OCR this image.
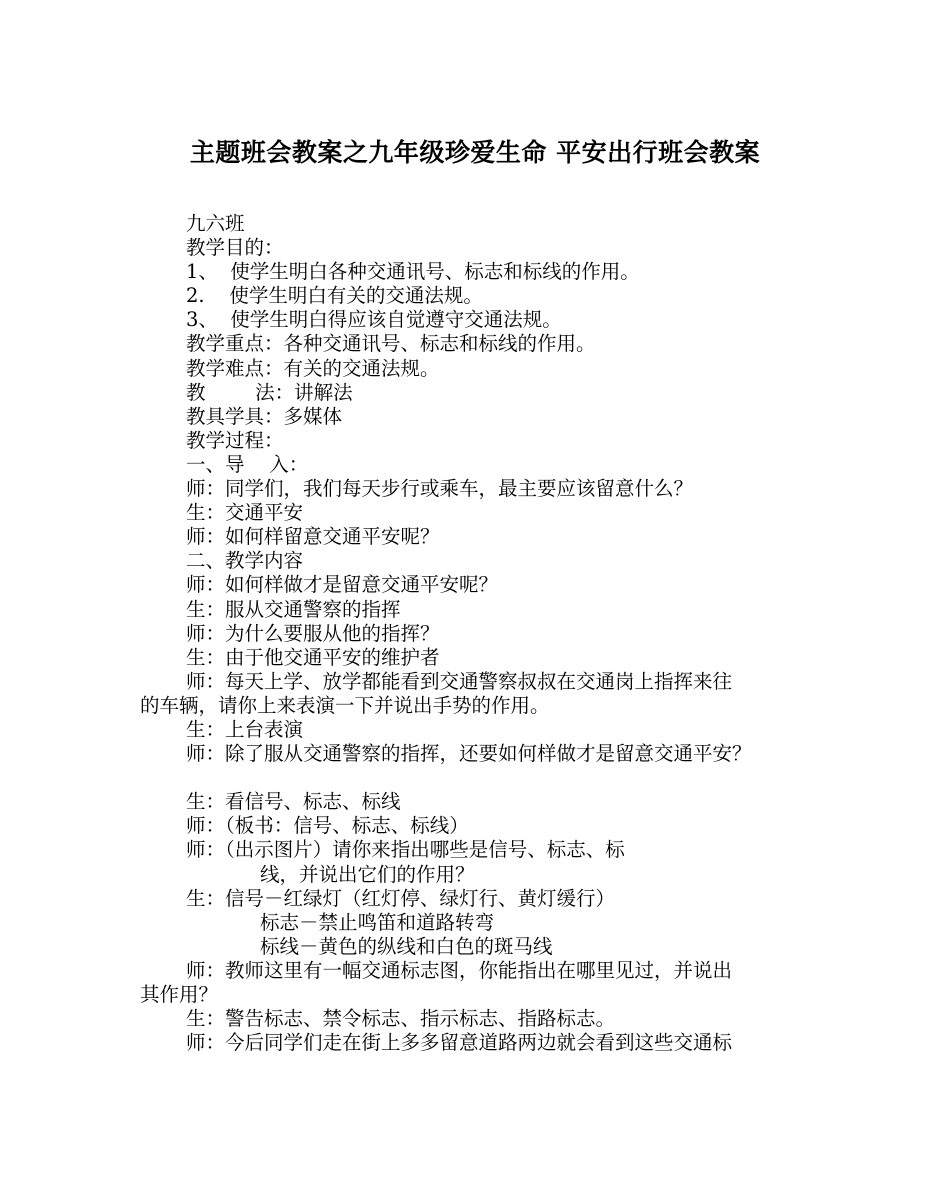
主题班会教案之九年级珍爱生命 平安出行班会教案
九六班
教学目的：
1、  使学生明白各种交通讯号、标志和标线的作用。
2.    使学生明白有关的交通法规。
3、  使学生明白得应该自觉遵守交通法规。
教学重点：各种交通讯号、标志和标线的作用。
教学难点：有关的交通法规。
教        法：讲解法
教具学具：多媒体
教学过程：
一、导    入：
师：同学们，我们每天步行或乘车，最主要应该留意什么？
生：交通平安
师：如何样留意交通平安呢？
二、教学内容
师：如何样做才是留意交通平安呢？
生：服从交通警察的指挥
师：为什么要服从他的指挥？
生：由于他交通平安的维护者
师：每天上学、放学都能看到交通警察叔叔在交通岗上指挥来往
的车辆，请你上来表演一下并说出手势的作用。
生：上台表演
师：除了服从交通警察的指挥，还要如何样做才是留意交通平安？
生：看信号、标志、标线
师：（板书：信号、标志、标线）
师：（出示图片）请你来指出哪些是信号、标志、标
线，并说出它们的作用？
生：信号－红绿灯（红灯停、绿灯行、黄灯缓行）
标志－禁止鸣笛和道路转弯
标线－黄色的纵线和白色的斑马线
师：教师这里有一幅交通标志图，你能指出在哪里见过，并说出
其作用？
生：警告标志、禁令标志、指示标志、指路标志。
师：今后同学们走在街上多多留意道路两边就会看到这些交通标
